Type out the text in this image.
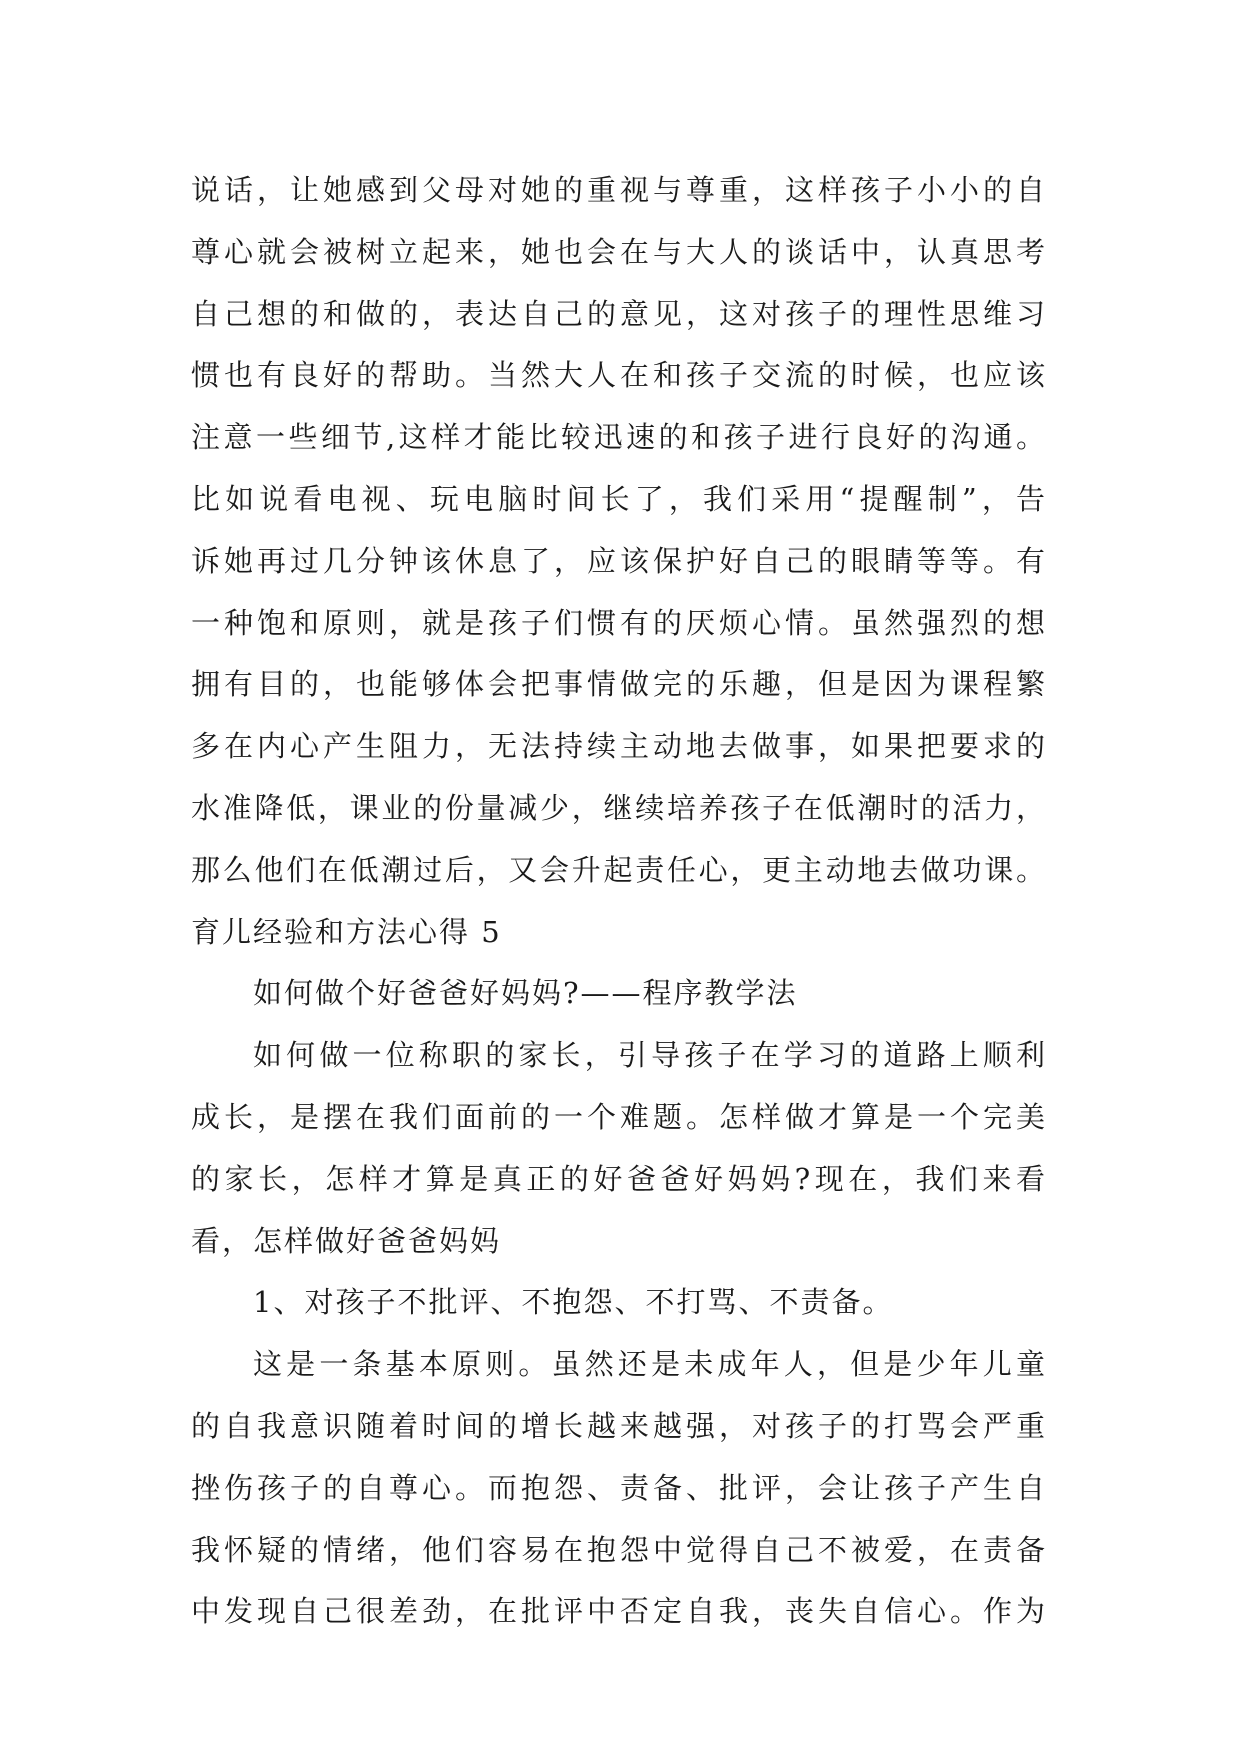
说话，让她感到父母对她的重视与尊重，这样孩子小小的自

尊心就会被树立起来，她也会在与大人的谈话中，认真思考

自己想的和做的，表达自己的意见，这对孩子的理性思维习

惯也有良好的帮助。当然大人在和孩子交流的时候，也应该

注意一些细节,这样才能比较迅速的和孩子进行良好的沟通。

比如说看电视、玩电脑时间长了，我们采用“提醒制”，告

诉她再过几分钟该休息了，应该保护好自己的眼睛等等。有

一种饱和原则，就是孩子们惯有的厌烦心情。虽然强烈的想

拥有目的，也能够体会把事情做完的乐趣，但是因为课程繁

多在内心产生阻力，无法持续主动地去做事，如果把要求的

水准降低，课业的份量减少，继续培养孩子在低潮时的活力，

那么他们在低潮过后，又会升起责任心，更主动地去做功课。

育儿经验和方法心得 5

如何做个好爸爸好妈妈?——程序教学法

如何做一位称职的家长，引导孩子在学习的道路上顺利

成长，是摆在我们面前的一个难题。怎样做才算是一个完美

的家长，怎样才算是真正的好爸爸好妈妈?现在，我们来看

看，怎样做好爸爸妈妈

1、对孩子不批评、不抱怨、不打骂、不责备。

这是一条基本原则。虽然还是未成年人，但是少年儿童

的自我意识随着时间的增长越来越强，对孩子的打骂会严重

挫伤孩子的自尊心。而抱怨、责备、批评，会让孩子产生自

我怀疑的情绪，他们容易在抱怨中觉得自己不被爱，在责备

中发现自己很差劲，在批评中否定自我，丧失自信心。作为
